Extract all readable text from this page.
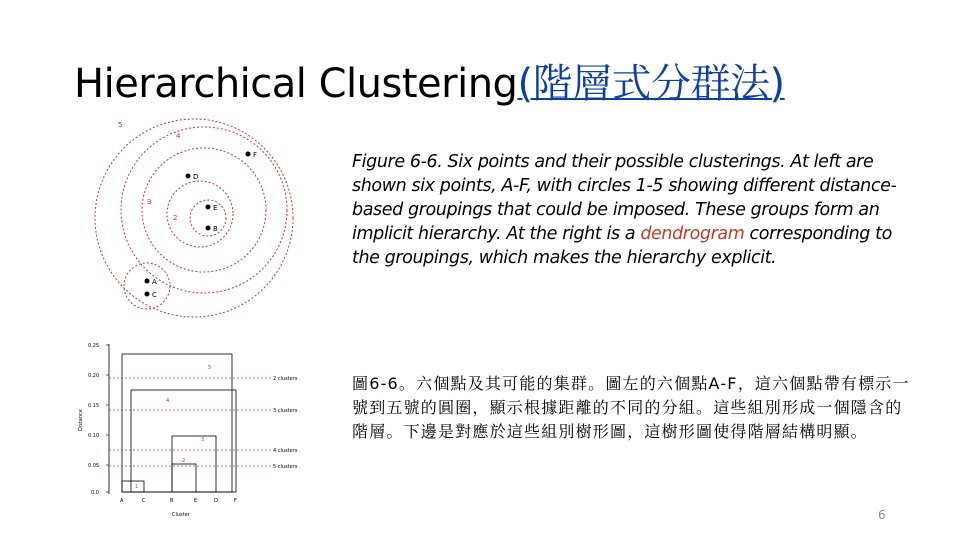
Hierarchical Clustering(階層式分群法)
5
4
3
2
F
D
E
B
A
C
0.25
0.20
0.15
0.10
0.05
0.0
Distance
1
2
3
4
5
2 clusters
3 clusters
4 clusters
5 clusters
A	C	B	E	D	F
Cluster
Figure 6-6. Six points and their possible clusterings. At left are shown six points, A-F, with circles 1-5 showing different distance-based groupings that could be imposed. These groups form an implicit hierarchy. At the right is a dendrogram corresponding to the groupings, which makes the hierarchy explicit.
圖6-6。六個點及其可能的集群。圖左的六個點A-F，這六個點帶有標示一號到五號的圓圈，顯示根據距離的不同的分組。這些組別形成一個隱含的階層。下邊是對應於這些組別樹形圖，這樹形圖使得階層結構明顯。
6
